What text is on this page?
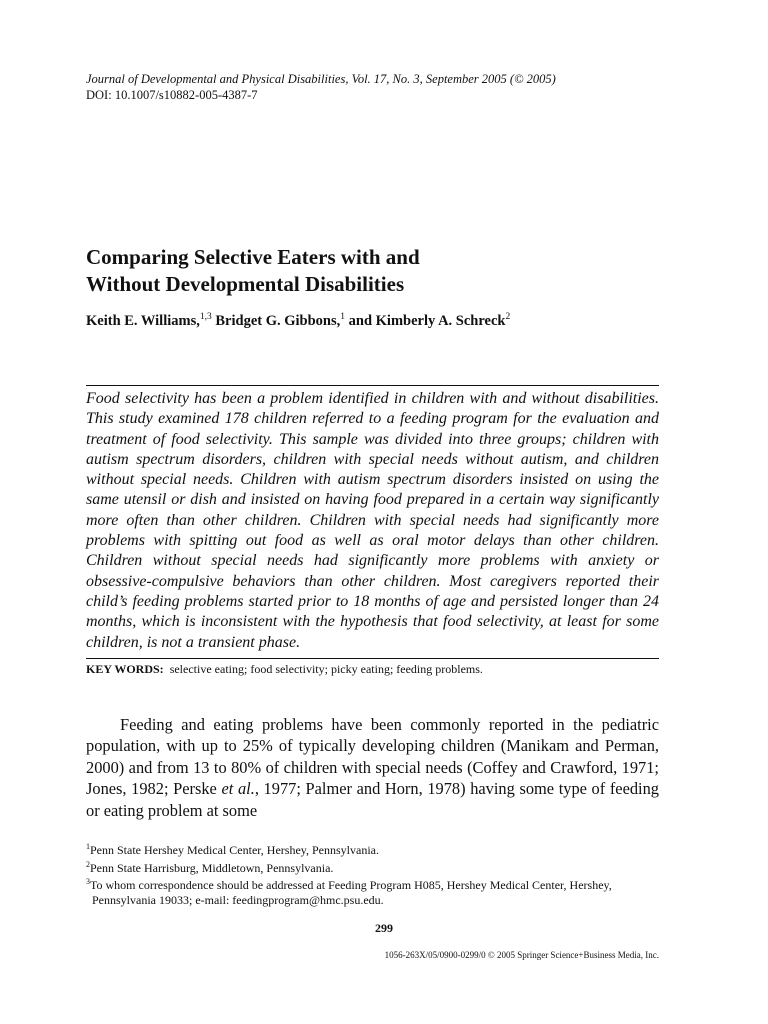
Journal of Developmental and Physical Disabilities, Vol. 17, No. 3, September 2005 (© 2005)
DOI: 10.1007/s10882-005-4387-7
Comparing Selective Eaters with and
Without Developmental Disabilities
Keith E. Williams,$^{1,3}$ Bridget G. Gibbons,$^1$ and Kimberly A. Schreck$^2$
Food selectivity has been a problem identified in children with and without disabilities. This study examined 178 children referred to a feeding program for the evaluation and treatment of food selectivity. This sample was divided into three groups; children with autism spectrum disorders, children with special needs without autism, and children without special needs. Children with autism spectrum disorders insisted on using the same utensil or dish and insisted on having food prepared in a certain way significantly more often than other children. Children with special needs had significantly more problems with spitting out food as well as oral motor delays than other children. Children without special needs had significantly more problems with anxiety or obsessive-compulsive behaviors than other children. Most caregivers reported their child’s feeding problems started prior to 18 months of age and persisted longer than 24 months, which is inconsistent with the hypothesis that food selectivity, at least for some children, is not a transient phase.
KEY WORDS: selective eating; food selectivity; picky eating; feeding problems.
Feeding and eating problems have been commonly reported in the pediatric population, with up to 25% of typically developing children (Manikam and Perman, 2000) and from 13 to 80% of children with special needs (Coffey and Crawford, 1971; Jones, 1982; Perske et al., 1977; Palmer and Horn, 1978) having some type of feeding or eating problem at some
$^1$Penn State Hershey Medical Center, Hershey, Pennsylvania.
$^2$Penn State Harrisburg, Middletown, Pennsylvania.
$^3$To whom correspondence should be addressed at Feeding Program H085, Hershey Medical Center, Hershey, Pennsylvania 19033; e-mail: feedingprogram@hmc.psu.edu.
299
1056-263X/05/0900-0299/0 © 2005 Springer Science+Business Media, Inc.
